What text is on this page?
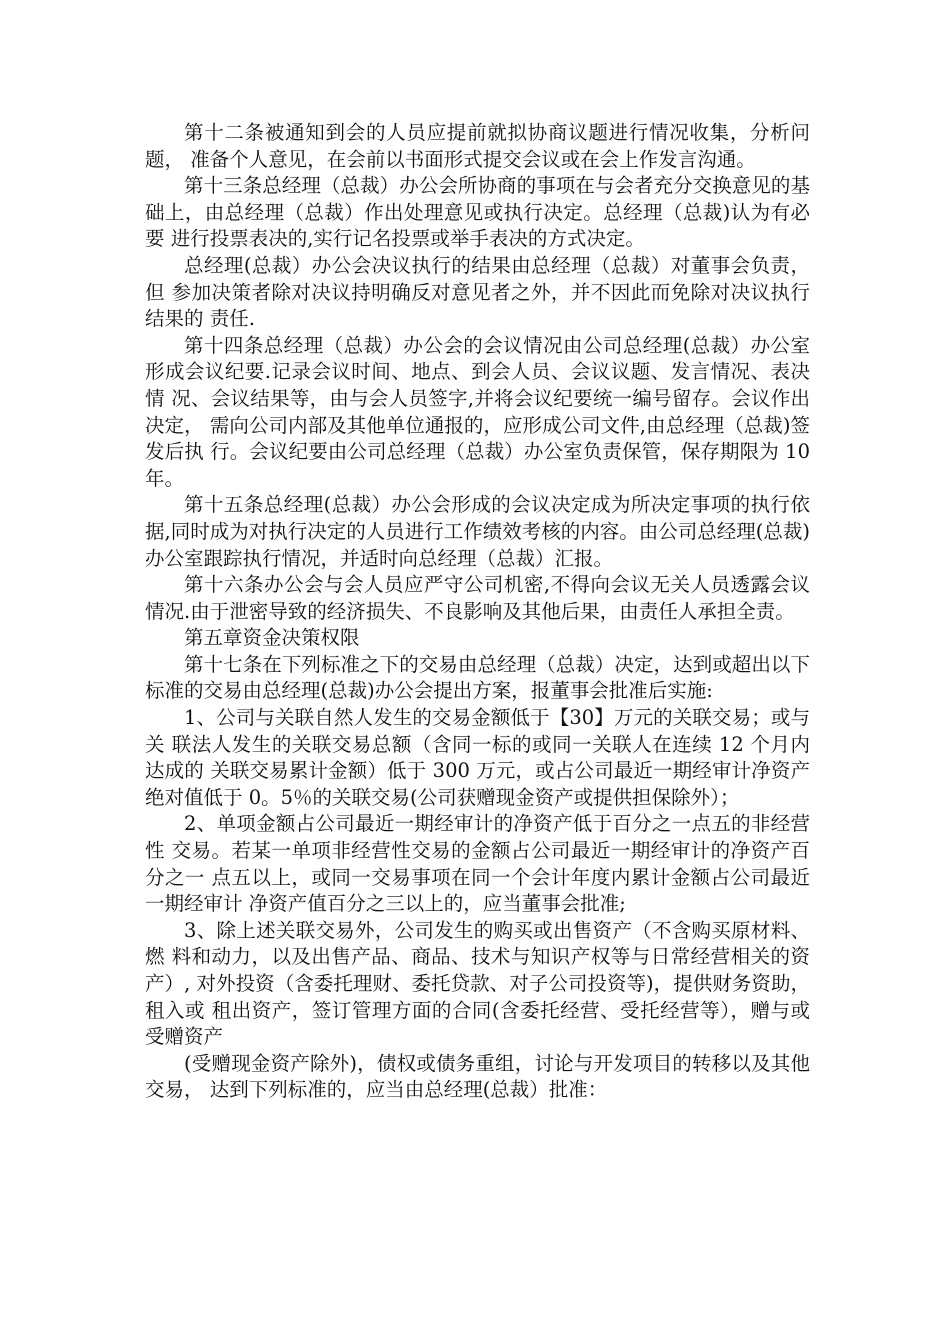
第十二条被通知到会的人员应提前就拟协商议题进行情况收集，分析问题， 准备个人意见，在会前以书面形式提交会议或在会上作发言沟通。

第十三条总经理（总裁）办公会所协商的事项在与会者充分交换意见的基 础上，由总经理（总裁）作出处理意见或执行决定。总经理（总裁)认为有必要 进行投票表决的,实行记名投票或举手表决的方式决定。

总经理(总裁）办公会决议执行的结果由总经理（总裁）对董事会负责，但 参加决策者除对决议持明确反对意见者之外，并不因此而免除对决议执行结果的 责任.

第十四条总经理（总裁）办公会的会议情况由公司总经理(总裁）办公室 形成会议纪要.记录会议时间、地点、到会人员、会议议题、发言情况、表决情 况、会议结果等，由与会人员签字,并将会议纪要统一编号留存。会议作出决定， 需向公司内部及其他单位通报的，应形成公司文件,由总经理（总裁)签发后执 行。会议纪要由公司总经理（总裁）办公室负责保管，保存期限为 10 年。

第十五条总经理(总裁）办公会形成的会议决定成为所决定事项的执行依 据,同时成为对执行决定的人员进行工作绩效考核的内容。由公司总经理(总裁) 办公室跟踪执行情况，并适时向总经理（总裁）汇报。

第十六条办公会与会人员应严守公司机密,不得向会议无关人员透露会议 情况.由于泄密导致的经济损失、不良影响及其他后果，由责任人承担全责。

第五章资金决策权限

第十七条在下列标准之下的交易由总经理（总裁）决定，达到或超出以下 标准的交易由总经理(总裁)办公会提出方案，报董事会批准后实施:

1、公司与关联自然人发生的交易金额低于【30】万元的关联交易；或与关 联法人发生的关联交易总额（含同一标的或同一关联人在连续 12 个月内达成的 关联交易累计金额）低于 300 万元，或占公司最近一期经审计净资产绝对值低于 0。5％的关联交易(公司获赠现金资产或提供担保除外）；

2、单项金额占公司最近一期经审计的净资产低于百分之一点五的非经营性 交易。若某一单项非经营性交易的金额占公司最近一期经审计的净资产百分之一 点五以上，或同一交易事项在同一个会计年度内累计金额占公司最近一期经审计 净资产值百分之三以上的，应当董事会批准;

3、除上述关联交易外，公司发生的购买或出售资产（不含购买原材料、燃 料和动力，以及出售产品、商品、技术与知识产权等与日常经营相关的资产）, 对外投资（含委托理财、委托贷款、对子公司投资等)，提供财务资助，租入或 租出资产，签订管理方面的合同(含委托经营、受托经营等），赠与或受赠资产

(受赠现金资产除外)，债权或债务重组，讨论与开发项目的转移以及其他交易， 达到下列标准的，应当由总经理(总裁）批准：
